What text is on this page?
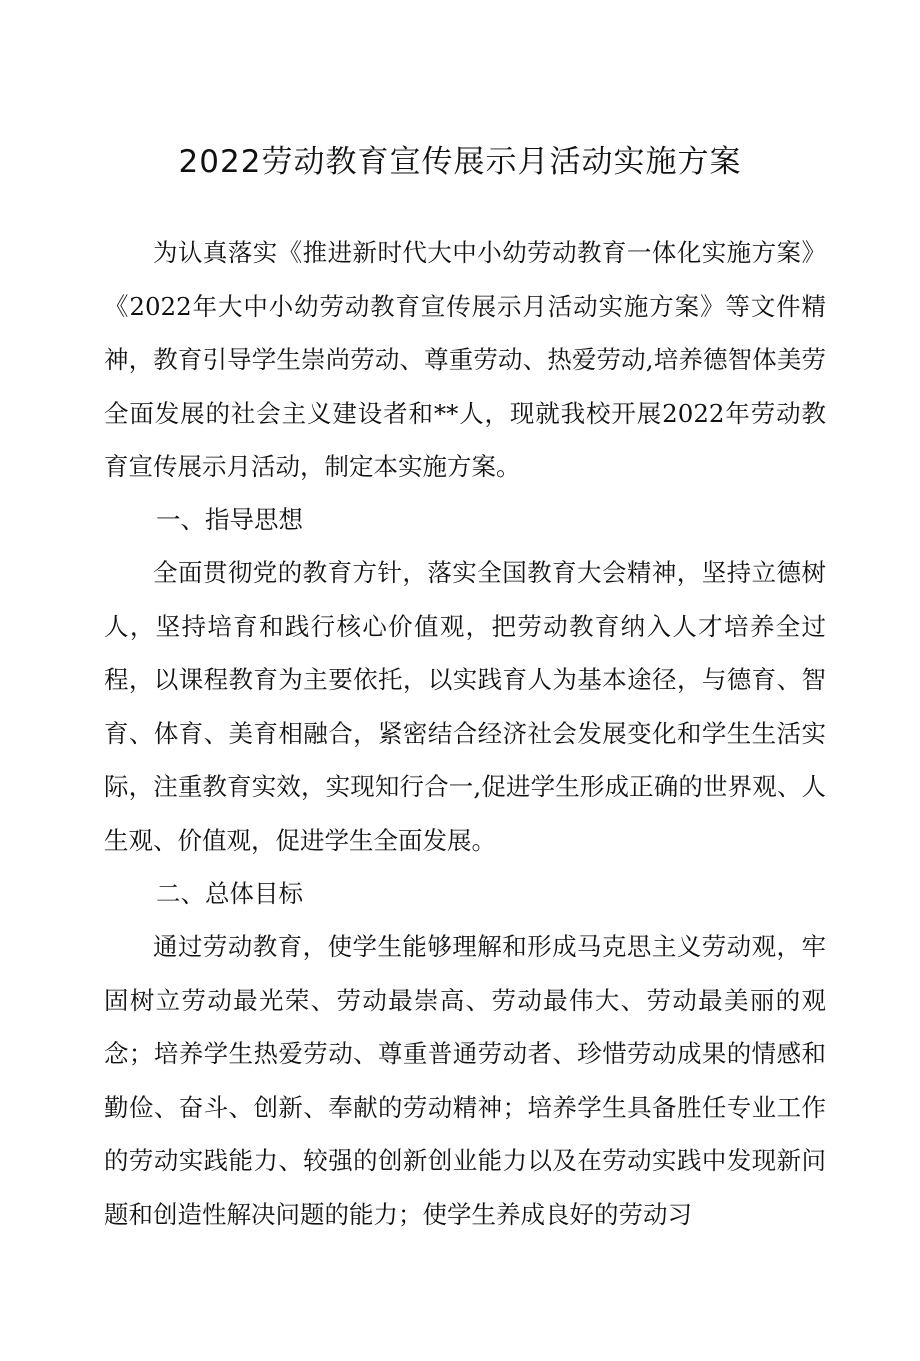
2022劳动教育宣传展示月活动实施方案

为认真落实《推进新时代大中小幼劳动教育一体化实施方案》《2022年大中小幼劳动教育宣传展示月活动实施方案》等文件精神，教育引导学生崇尚劳动、尊重劳动、热爱劳动,培养德智体美劳全面发展的社会主义建设者和**人，现就我校开展2022年劳动教育宣传展示月活动，制定本实施方案。

一、指导思想

全面贯彻党的教育方针，落实全国教育大会精神，坚持立德树人，坚持培育和践行核心价值观，把劳动教育纳入人才培养全过程，以课程教育为主要依托，以实践育人为基本途径，与德育、智育、体育、美育相融合，紧密结合经济社会发展变化和学生生活实际，注重教育实效，实现知行合一,促进学生形成正确的世界观、人生观、价值观，促进学生全面发展。

二、总体目标

通过劳动教育，使学生能够理解和形成马克思主义劳动观，牢固树立劳动最光荣、劳动最崇高、劳动最伟大、劳动最美丽的观念；培养学生热爱劳动、尊重普通劳动者、珍惜劳动成果的情感和勤俭、奋斗、创新、奉献的劳动精神；培养学生具备胜任专业工作的劳动实践能力、较强的创新创业能力以及在劳动实践中发现新问题和创造性解决问题的能力；使学生养成良好的劳动习
